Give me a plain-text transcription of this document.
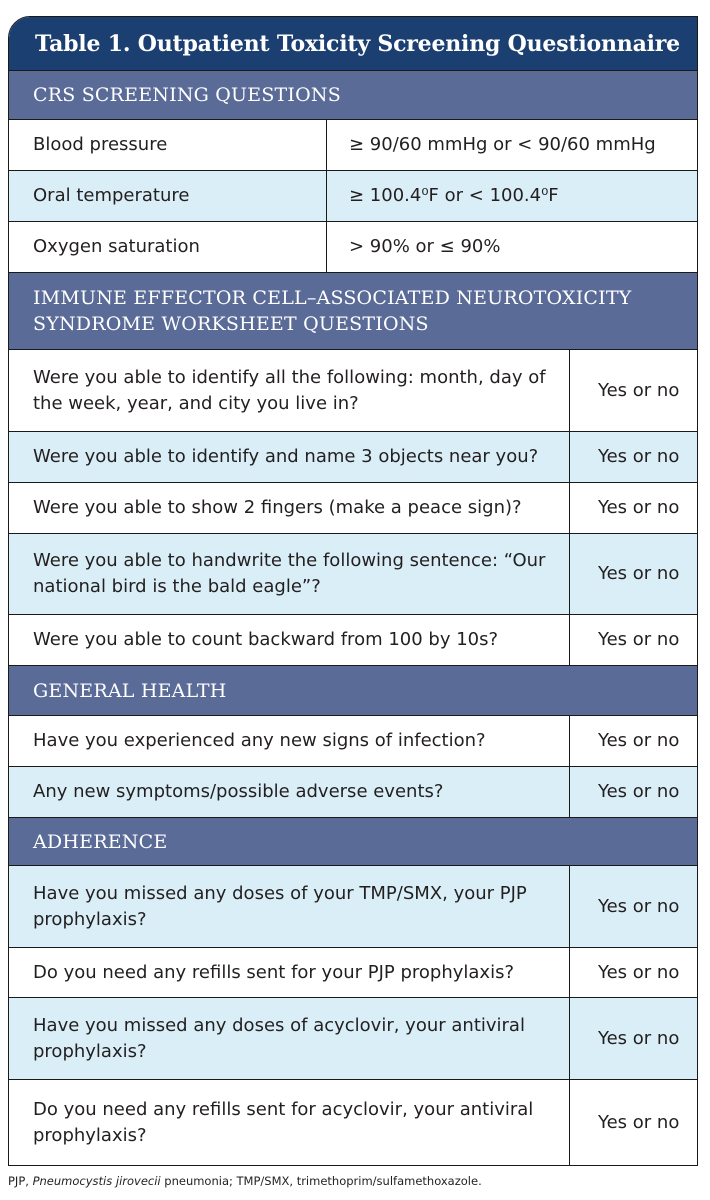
Table 1. Outpatient Toxicity Screening Questionnaire
CRS SCREENING QUESTIONS
Blood pressure	≥ 90/60 mmHg or < 90/60 mmHg
Oral temperature	≥ 100.4⁰F or < 100.4⁰F
Oxygen saturation	> 90% or ≤ 90%
IMMUNE EFFECTOR CELL–ASSOCIATED NEUROTOXICITY SYNDROME WORKSHEET QUESTIONS
Were you able to identify all the following: month, day of the week, year, and city you live in?
Yes or no
Were you able to identify and name 3 objects near you?	Yes or no
Were you able to show 2 fingers (make a peace sign)?	Yes or no
Were you able to handwrite the following sentence: “Our national bird is the bald eagle”?
Yes or no
Were you able to count backward from 100 by 10s?	Yes or no
GENERAL HEALTH
Have you experienced any new signs of infection?	Yes or no
Any new symptoms/possible adverse events?	Yes or no
ADHERENCE
Have you missed any doses of your TMP/SMX, your PJP prophylaxis?
Yes or no
Do you need any refills sent for your PJP prophylaxis?	Yes or no
Have you missed any doses of acyclovir, your antiviral prophylaxis?
Yes or no
Do you need any refills sent for acyclovir, your antiviral prophylaxis?
Yes or no
PJP, Pneumocystis jirovecii pneumonia; TMP/SMX, trimethoprim/sulfamethoxazole.
